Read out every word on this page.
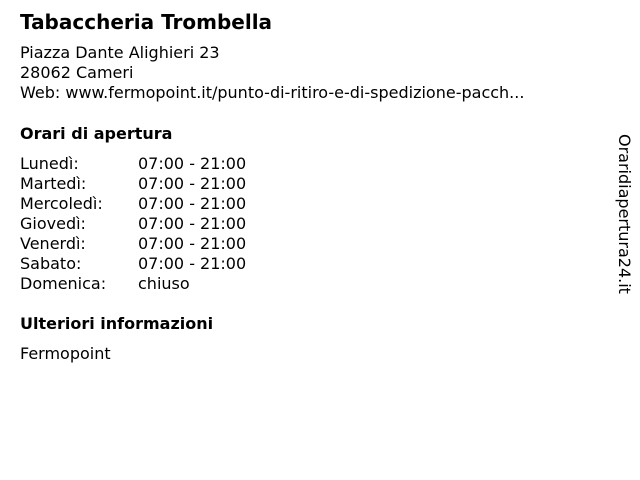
Tabaccheria Trombella
Piazza Dante Alighieri 23
28062 Cameri
Web: www.fermopoint.it/punto-di-ritiro-e-di-spedizione-pacch...
Orari di apertura
Lunedì:	07:00 - 21:00
Martedì:	07:00 - 21:00
Mercoledì:	07:00 - 21:00
Giovedì:	07:00 - 21:00
Venerdì:	07:00 - 21:00
Sabato:	07:00 - 21:00
Domenica:	chiuso
Ulteriori informazioni
Fermopoint
Oraridiapertura24.it
